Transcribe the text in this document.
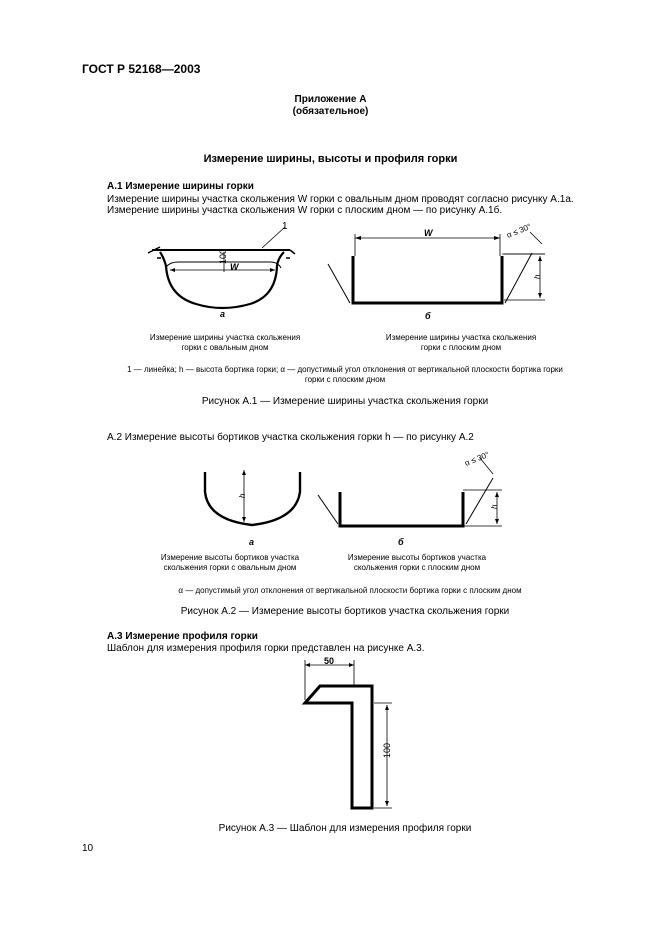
ГОСТ Р 52168—2003
Приложение А
(обязательное)
Измерение ширины, высоты и профиля горки
А.1 Измерение ширины горки
Измерение ширины участка скольжения W горки с овальным дном проводят согласно рисунку А.1а.
Измерение ширины участка скольжения W горки с плоским дном — по рисунку А.1б.
1
100
W
а
W	α ≤ 30°
h
б
Измерение ширины участка скольжения
горки с овальным дном
Измерение ширины участка скольжения
горки с плоским дном
1 — линейка; h — высота бортика горки; α — допустимый угол отклонения от вертикальной плоскости бортика горки
горки с плоским дном
Рисунок А.1 — Измерение ширины участка скольжения горки
А.2 Измерение высоты бортиков участка скольжения горки h — по рисунку А.2
h
а
α ≤ 30°
h
б
Измерение высоты бортиков участка
скольжения горки с овальным дном
Измерение высоты бортиков участка
скольжения горки с плоским дном
α — допустимый угол отклонения от вертикальной плоскости бортика горки с плоским дном
Рисунок А.2 — Измерение высоты бортиков участка скольжения горки
А.3 Измерение профиля горки
Шаблон для измерения профиля горки представлен на рисунке А.3.
50
100
Рисунок А.3 — Шаблон для измерения профиля горки
10
